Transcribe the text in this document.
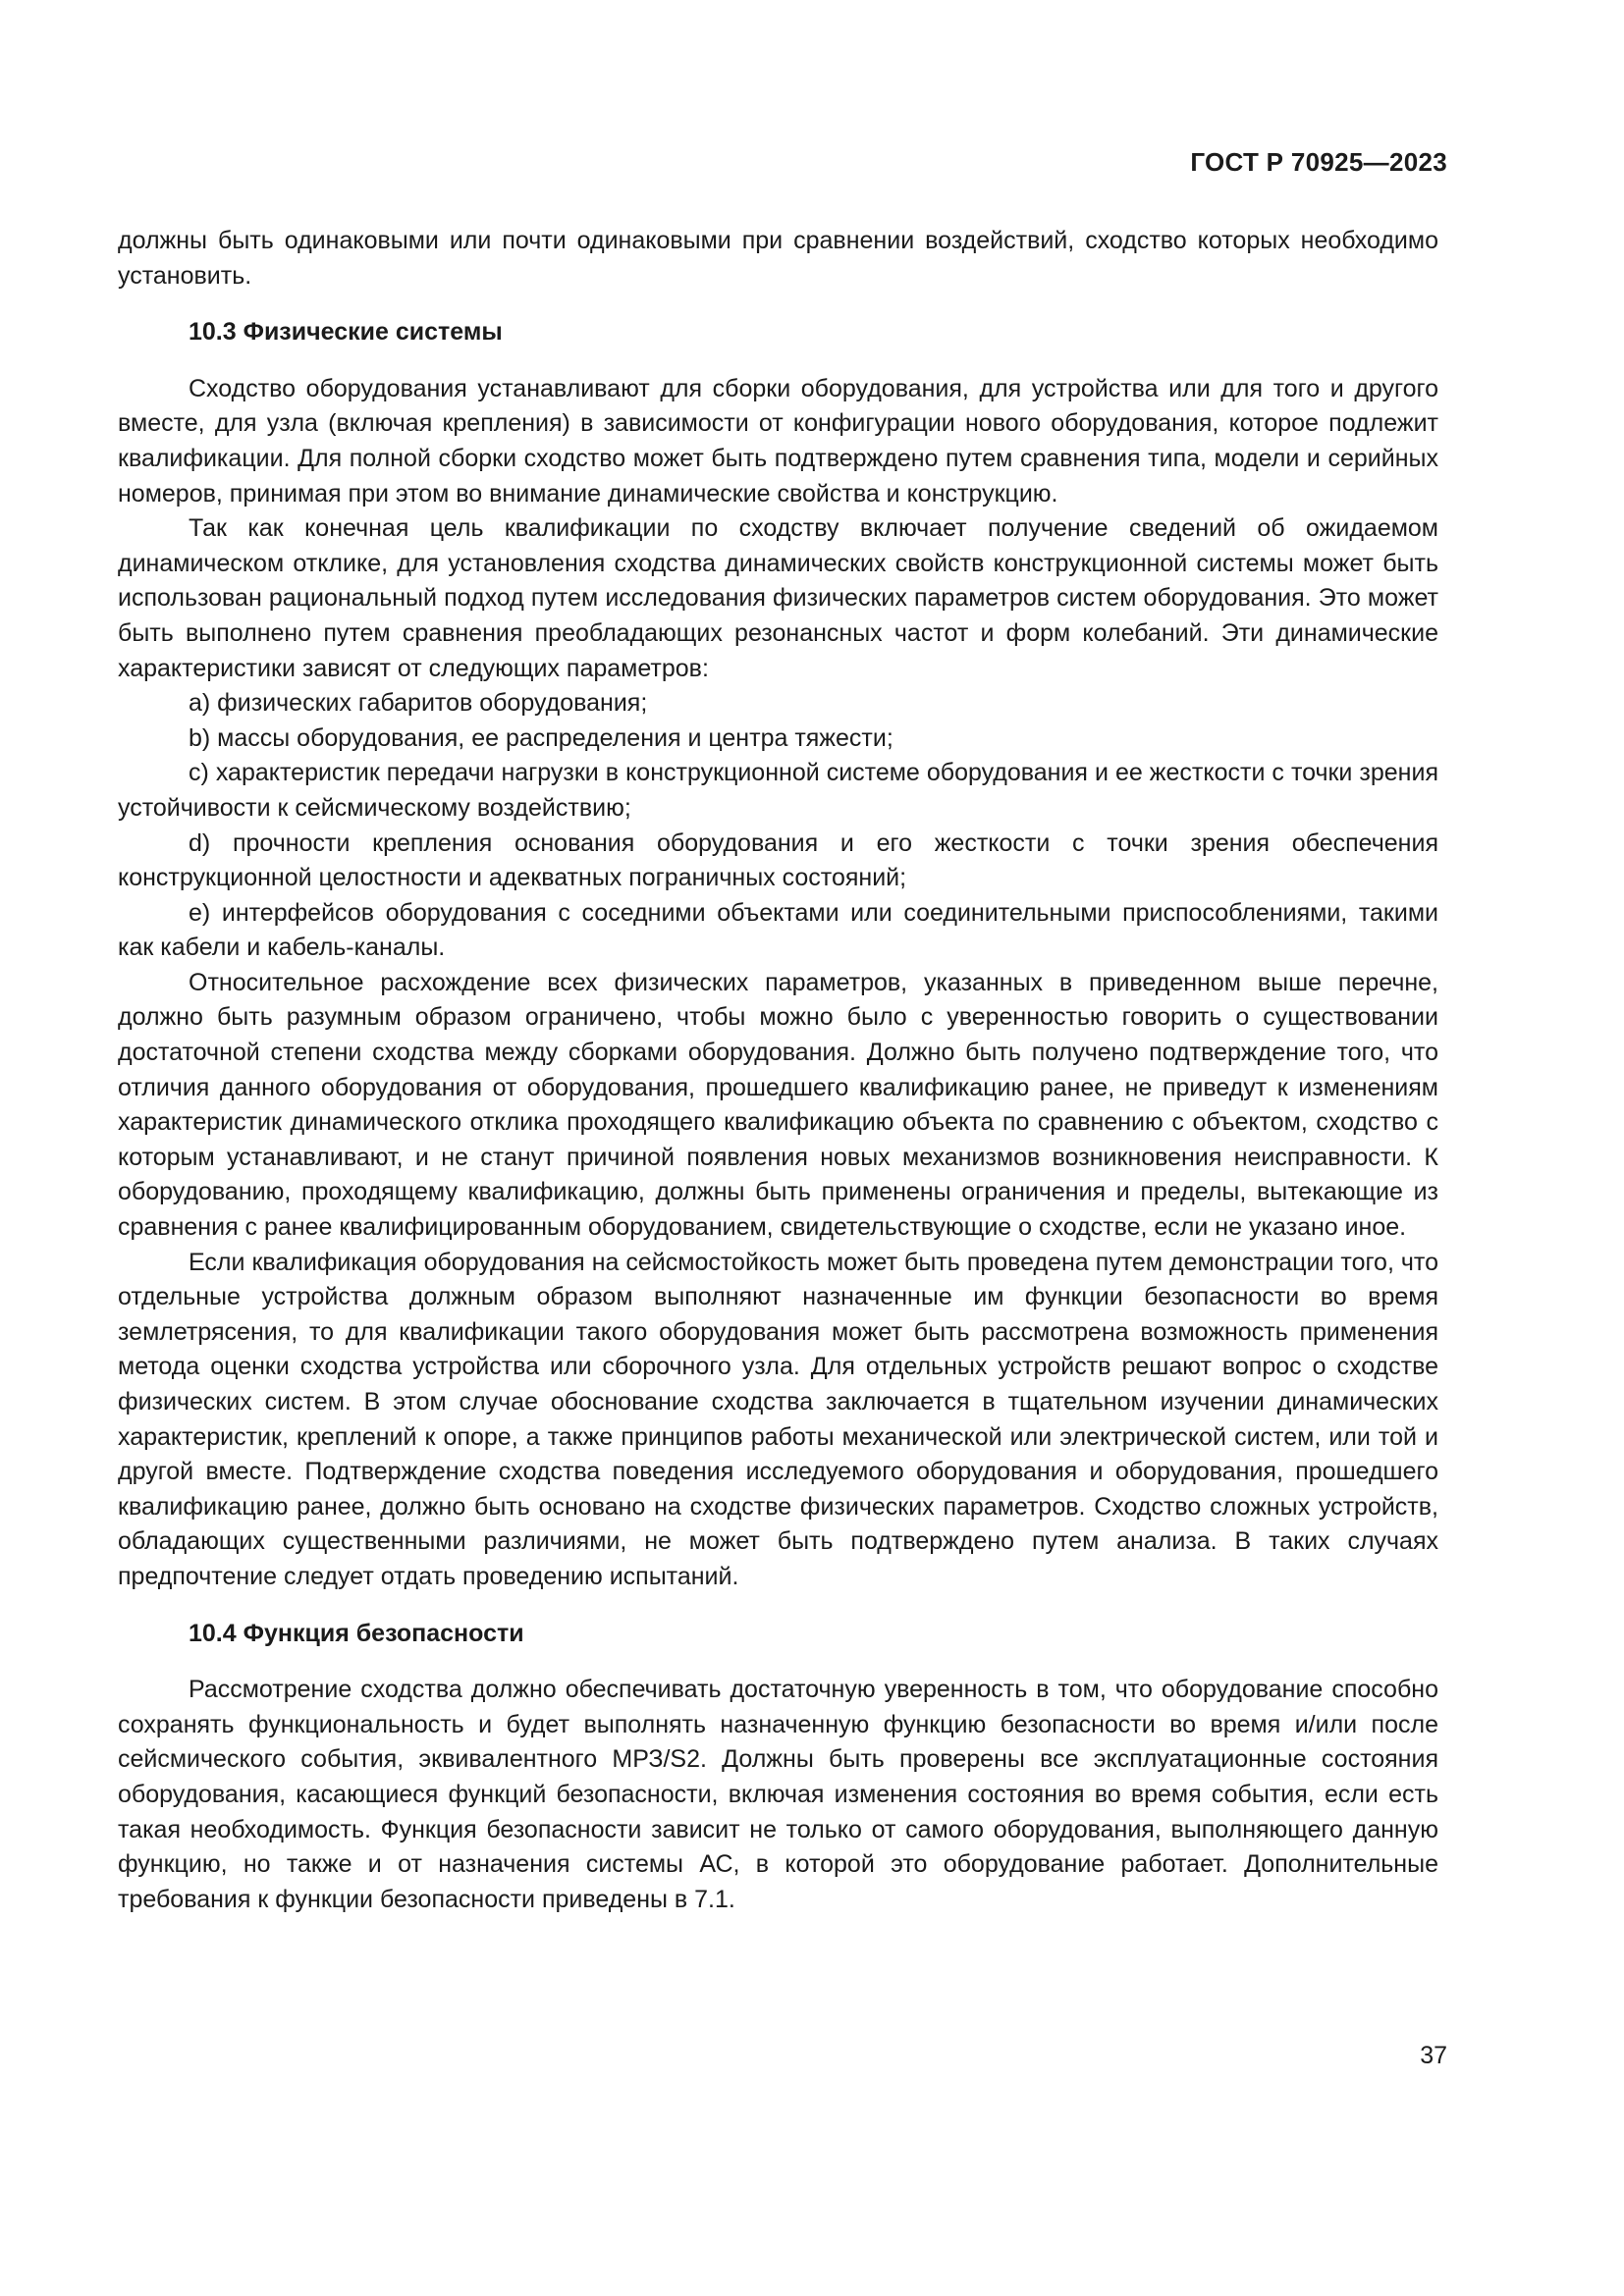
ГОСТ Р 70925—2023

должны быть одинаковыми или почти одинаковыми при сравнении воздействий, сходство которых необходимо установить.

10.3 Физические системы

Сходство оборудования устанавливают для сборки оборудования, для устройства или для того и другого вместе, для узла (включая крепления) в зависимости от конфигурации нового оборудования, которое подлежит квалификации. Для полной сборки сходство может быть подтверждено путем сравнения типа, модели и серийных номеров, принимая при этом во внимание динамические свойства и конструкцию.

Так как конечная цель квалификации по сходству включает получение сведений об ожидаемом динамическом отклике, для установления сходства динамических свойств конструкционной системы может быть использован рациональный подход путем исследования физических параметров систем оборудования. Это может быть выполнено путем сравнения преобладающих резонансных частот и форм колебаний. Эти динамические характеристики зависят от следующих параметров:

a) физических габаритов оборудования;

b) массы оборудования, ее распределения и центра тяжести;

c) характеристик передачи нагрузки в конструкционной системе оборудования и ее жесткости с точки зрения устойчивости к сейсмическому воздействию;

d) прочности крепления основания оборудования и его жесткости с точки зрения обеспечения конструкционной целостности и адекватных пограничных состояний;

e) интерфейсов оборудования с соседними объектами или соединительными приспособлениями, такими как кабели и кабель-каналы.

Относительное расхождение всех физических параметров, указанных в приведенном выше перечне, должно быть разумным образом ограничено, чтобы можно было с уверенностью говорить о существовании достаточной степени сходства между сборками оборудования. Должно быть получено подтверждение того, что отличия данного оборудования от оборудования, прошедшего квалификацию ранее, не приведут к изменениям характеристик динамического отклика проходящего квалификацию объекта по сравнению с объектом, сходство с которым устанавливают, и не станут причиной появления новых механизмов возникновения неисправности. К оборудованию, проходящему квалификацию, должны быть применены ограничения и пределы, вытекающие из сравнения с ранее квалифицированным оборудованием, свидетельствующие о сходстве, если не указано иное.

Если квалификация оборудования на сейсмостойкость может быть проведена путем демонстрации того, что отдельные устройства должным образом выполняют назначенные им функции безопасности во время землетрясения, то для квалификации такого оборудования может быть рассмотрена возможность применения метода оценки сходства устройства или сборочного узла. Для отдельных устройств решают вопрос о сходстве физических систем. В этом случае обоснование сходства заключается в тщательном изучении динамических характеристик, креплений к опоре, а также принципов работы механической или электрической систем, или той и другой вместе. Подтверждение сходства поведения исследуемого оборудования и оборудования, прошедшего квалификацию ранее, должно быть основано на сходстве физических параметров. Сходство сложных устройств, обладающих существенными различиями, не может быть подтверждено путем анализа. В таких случаях предпочтение следует отдать проведению испытаний.

10.4 Функция безопасности

Рассмотрение сходства должно обеспечивать достаточную уверенность в том, что оборудование способно сохранять функциональность и будет выполнять назначенную функцию безопасности во время и/или после сейсмического события, эквивалентного МРЗ/S2. Должны быть проверены все эксплуатационные состояния оборудования, касающиеся функций безопасности, включая изменения состояния во время события, если есть такая необходимость. Функция безопасности зависит не только от самого оборудования, выполняющего данную функцию, но также и от назначения системы АС, в которой это оборудование работает. Дополнительные требования к функции безопасности приведены в 7.1.

37
